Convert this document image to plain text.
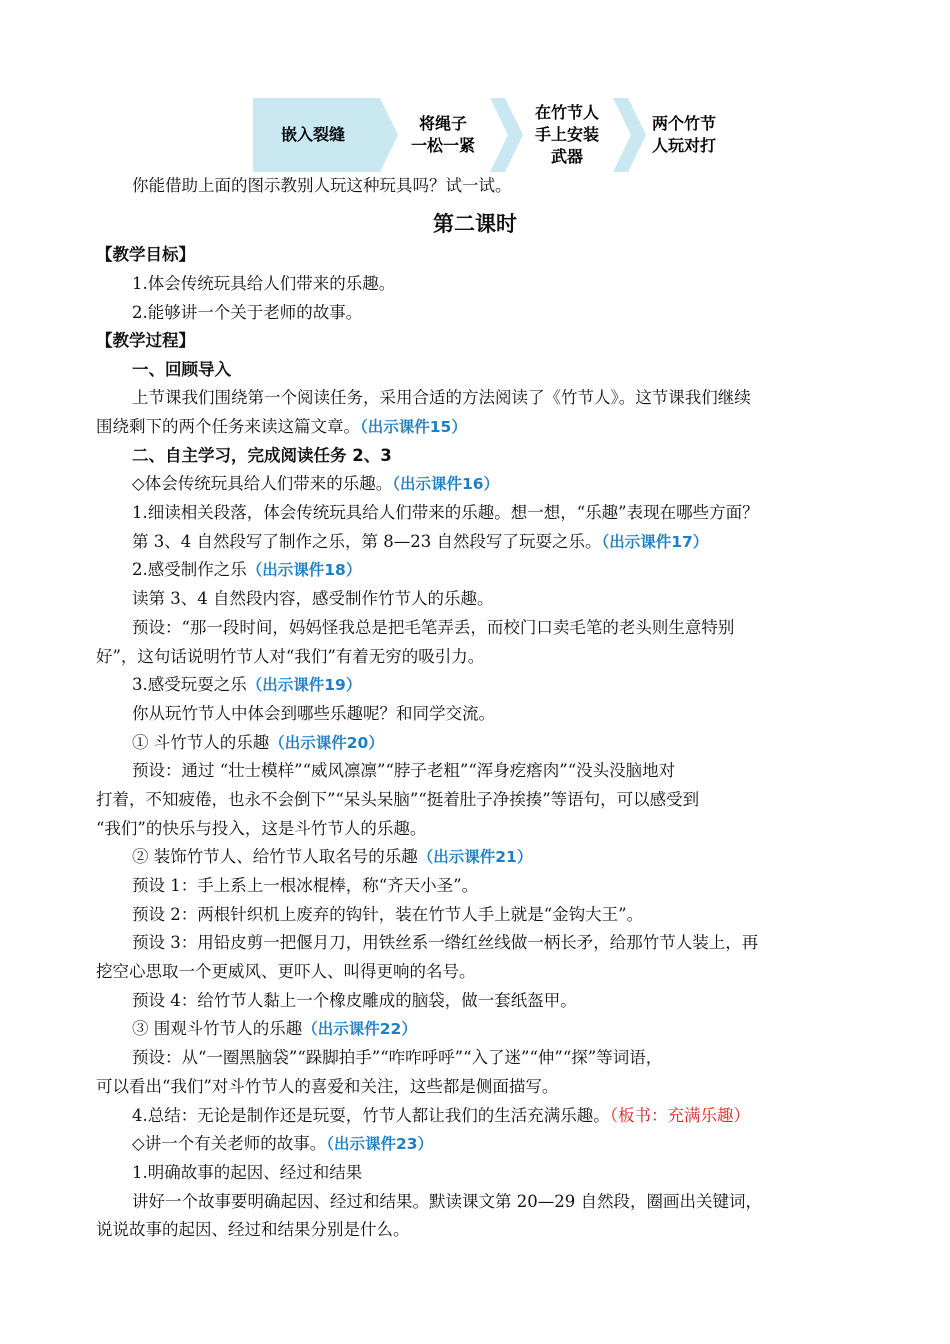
嵌入裂缝
将绳子
一松一紧
在竹节人
手上安装
武器
两个竹节
人玩对打
你能借助上面的图示教别人玩这种玩具吗？试一试。
第二课时
【教学目标】
1.体会传统玩具给人们带来的乐趣。
2.能够讲一个关于老师的故事。
【教学过程】
一、回顾导入
上节课我们围绕第一个阅读任务，采用合适的方法阅读了《竹节人》。这节课我们继续
围绕剩下的两个任务来读这篇文章。（出示课件15）
二、自主学习，完成阅读任务 2、3
◇体会传统玩具给人们带来的乐趣。（出示课件16）
1.细读相关段落，体会传统玩具给人们带来的乐趣。想一想，“乐趣”表现在哪些方面？
第 3、4 自然段写了制作之乐，第 8—23 自然段写了玩耍之乐。（出示课件17）
2.感受制作之乐（出示课件18）
读第 3、4 自然段内容，感受制作竹节人的乐趣。
预设：“那一段时间，妈妈怪我总是把毛笔弄丢，而校门口卖毛笔的老头则生意特别
好”，这句话说明竹节人对“我们”有着无穷的吸引力。
3.感受玩耍之乐（出示课件19）
你从玩竹节人中体会到哪些乐趣呢？和同学交流。
① 斗竹节人的乐趣（出示课件20）
预设：通过 “壮士模样”“威风凛凛”“脖子老粗”“浑身疙瘩肉”“没头没脑地对
打着，不知疲倦，也永不会倒下”“呆头呆脑”“挺着肚子净挨揍”等语句，可以感受到
“我们”的快乐与投入，这是斗竹节人的乐趣。
② 装饰竹节人、给竹节人取名号的乐趣（出示课件21）
预设 1：手上系上一根冰棍棒，称“齐天小圣”。
预设 2：两根针织机上废弃的钩针，装在竹节人手上就是“金钩大王”。
预设 3：用铅皮剪一把偃月刀，用铁丝系一绺红丝线做一柄长矛，给那竹节人装上，再
挖空心思取一个更威风、更吓人、叫得更响的名号。
预设 4：给竹节人黏上一个橡皮雕成的脑袋，做一套纸盔甲。
③ 围观斗竹节人的乐趣（出示课件22）
预设：从“一圈黑脑袋”“跺脚拍手”“咋咋呼呼”“入了迷”“伸”“探”等词语，
可以看出“我们”对斗竹节人的喜爱和关注，这些都是侧面描写。
4.总结：无论是制作还是玩耍，竹节人都让我们的生活充满乐趣。（板书：充满乐趣）
◇讲一个有关老师的故事。（出示课件23）
1.明确故事的起因、经过和结果
讲好一个故事要明确起因、经过和结果。默读课文第 20—29 自然段，圈画出关键词，
说说故事的起因、经过和结果分别是什么。
